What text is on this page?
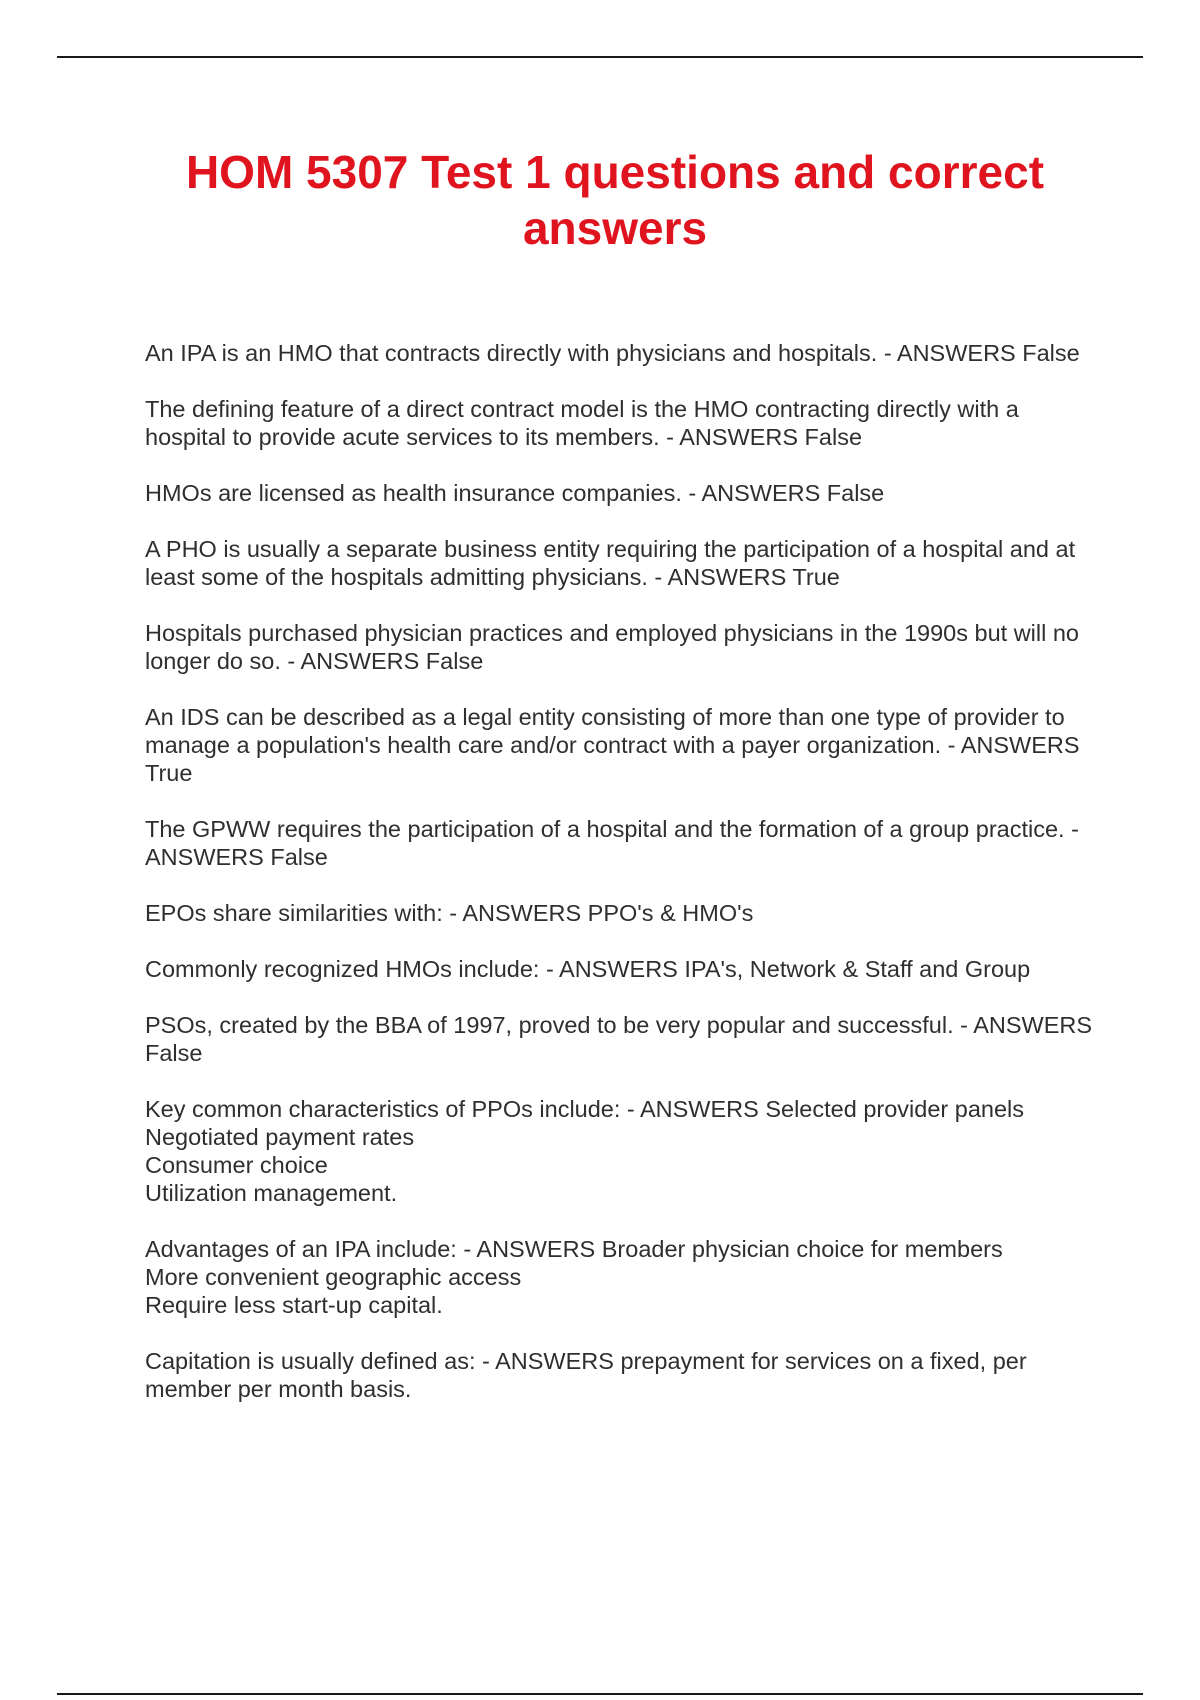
HOM 5307 Test 1 questions and correct answers

An IPA is an HMO that contracts directly with physicians and hospitals. - ANSWERS False

The defining feature of a direct contract model is the HMO contracting directly with a hospital to provide acute services to its members. - ANSWERS False

HMOs are licensed as health insurance companies. - ANSWERS False

A PHO is usually a separate business entity requiring the participation of a hospital and at least some of the hospitals admitting physicians. - ANSWERS True

Hospitals purchased physician practices and employed physicians in the 1990s but will no longer do so. - ANSWERS False

An IDS can be described as a legal entity consisting of more than one type of provider to manage a population's health care and/or contract with a payer organization. - ANSWERS True

The GPWW requires the participation of a hospital and the formation of a group practice. - ANSWERS False

EPOs share similarities with: - ANSWERS PPO's & HMO's

Commonly recognized HMOs include: - ANSWERS IPA's, Network & Staff and Group

PSOs, created by the BBA of 1997, proved to be very popular and successful. - ANSWERS False

Key common characteristics of PPOs include: - ANSWERS Selected provider panels
Negotiated payment rates
Consumer choice
Utilization management.

Advantages of an IPA include: - ANSWERS Broader physician choice for members
More convenient geographic access
Require less start-up capital.

Capitation is usually defined as: - ANSWERS prepayment for services on a fixed, per member per month basis.
